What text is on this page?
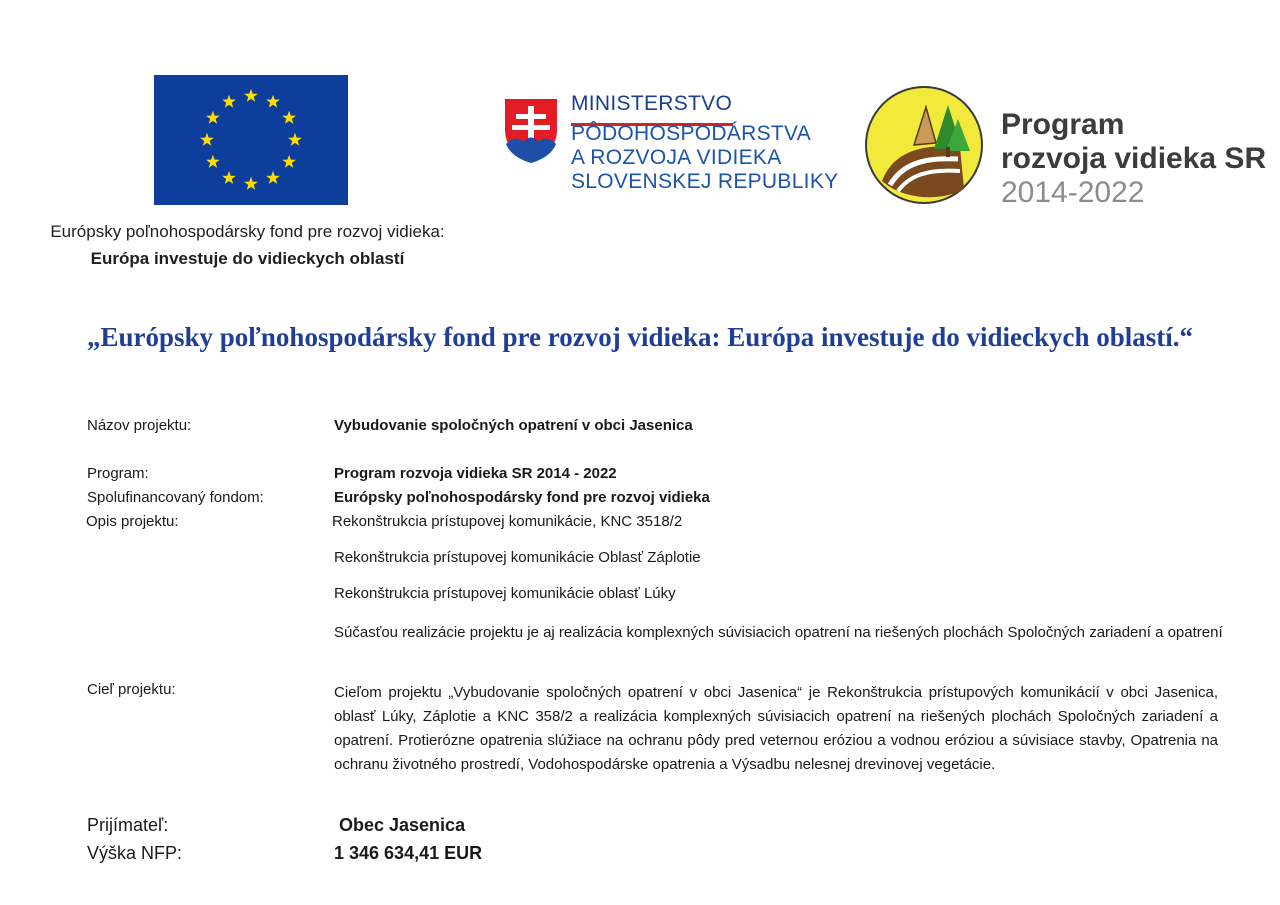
Európsky poľnohospodársky fond pre rozvoj vidieka:
Európa investuje do vidieckych oblastí
MINISTERSTVO
PÔDOHOSPODÁRSTVA
A ROZVOJA VIDIEKA
SLOVENSKEJ REPUBLIKY
Program
rozvoja vidieka SR
2014-2022
„Európsky poľnohospodársky fond pre rozvoj vidieka: Európa investuje do vidieckych oblastí.“
Názov projektu:	Vybudovanie spoločných opatrení v obci Jasenica
Program:	Program rozvoja vidieka SR 2014 - 2022
Spolufinancovaný fondom:	Európsky poľnohospodársky fond pre rozvoj vidieka
Opis projektu:	Rekonštrukcia prístupovej komunikácie, KNC 3518/2
Rekonštrukcia prístupovej komunikácie Oblasť Záplotie
Rekonštrukcia prístupovej komunikácie oblasť Lúky
Súčasťou realizácie projektu je aj realizácia komplexných súvisiacich opatrení na riešených plochách Spoločných zariadení a opatrení
Cieľ projektu:	Cieľom projektu „Vybudovanie spoločných opatrení v obci Jasenica“ je Rekonštrukcia prístupových komunikácií v obci Jasenica, oblasť Lúky, Záplotie a KNC 358/2 a realizácia komplexných súvisiacich opatrení na riešených plochách Spoločných zariadení a opatrení. Protierózne opatrenia slúžiace na ochranu pôdy pred veternou eróziou a vodnou eróziou a súvisiace stavby, Opatrenia na ochranu životného prostredí, Vodohospodárske opatrenia a Výsadbu nelesnej drevinovej vegetácie.
Prijímateľ:	Obec Jasenica
Výška NFP:	1 346 634,41 EUR
